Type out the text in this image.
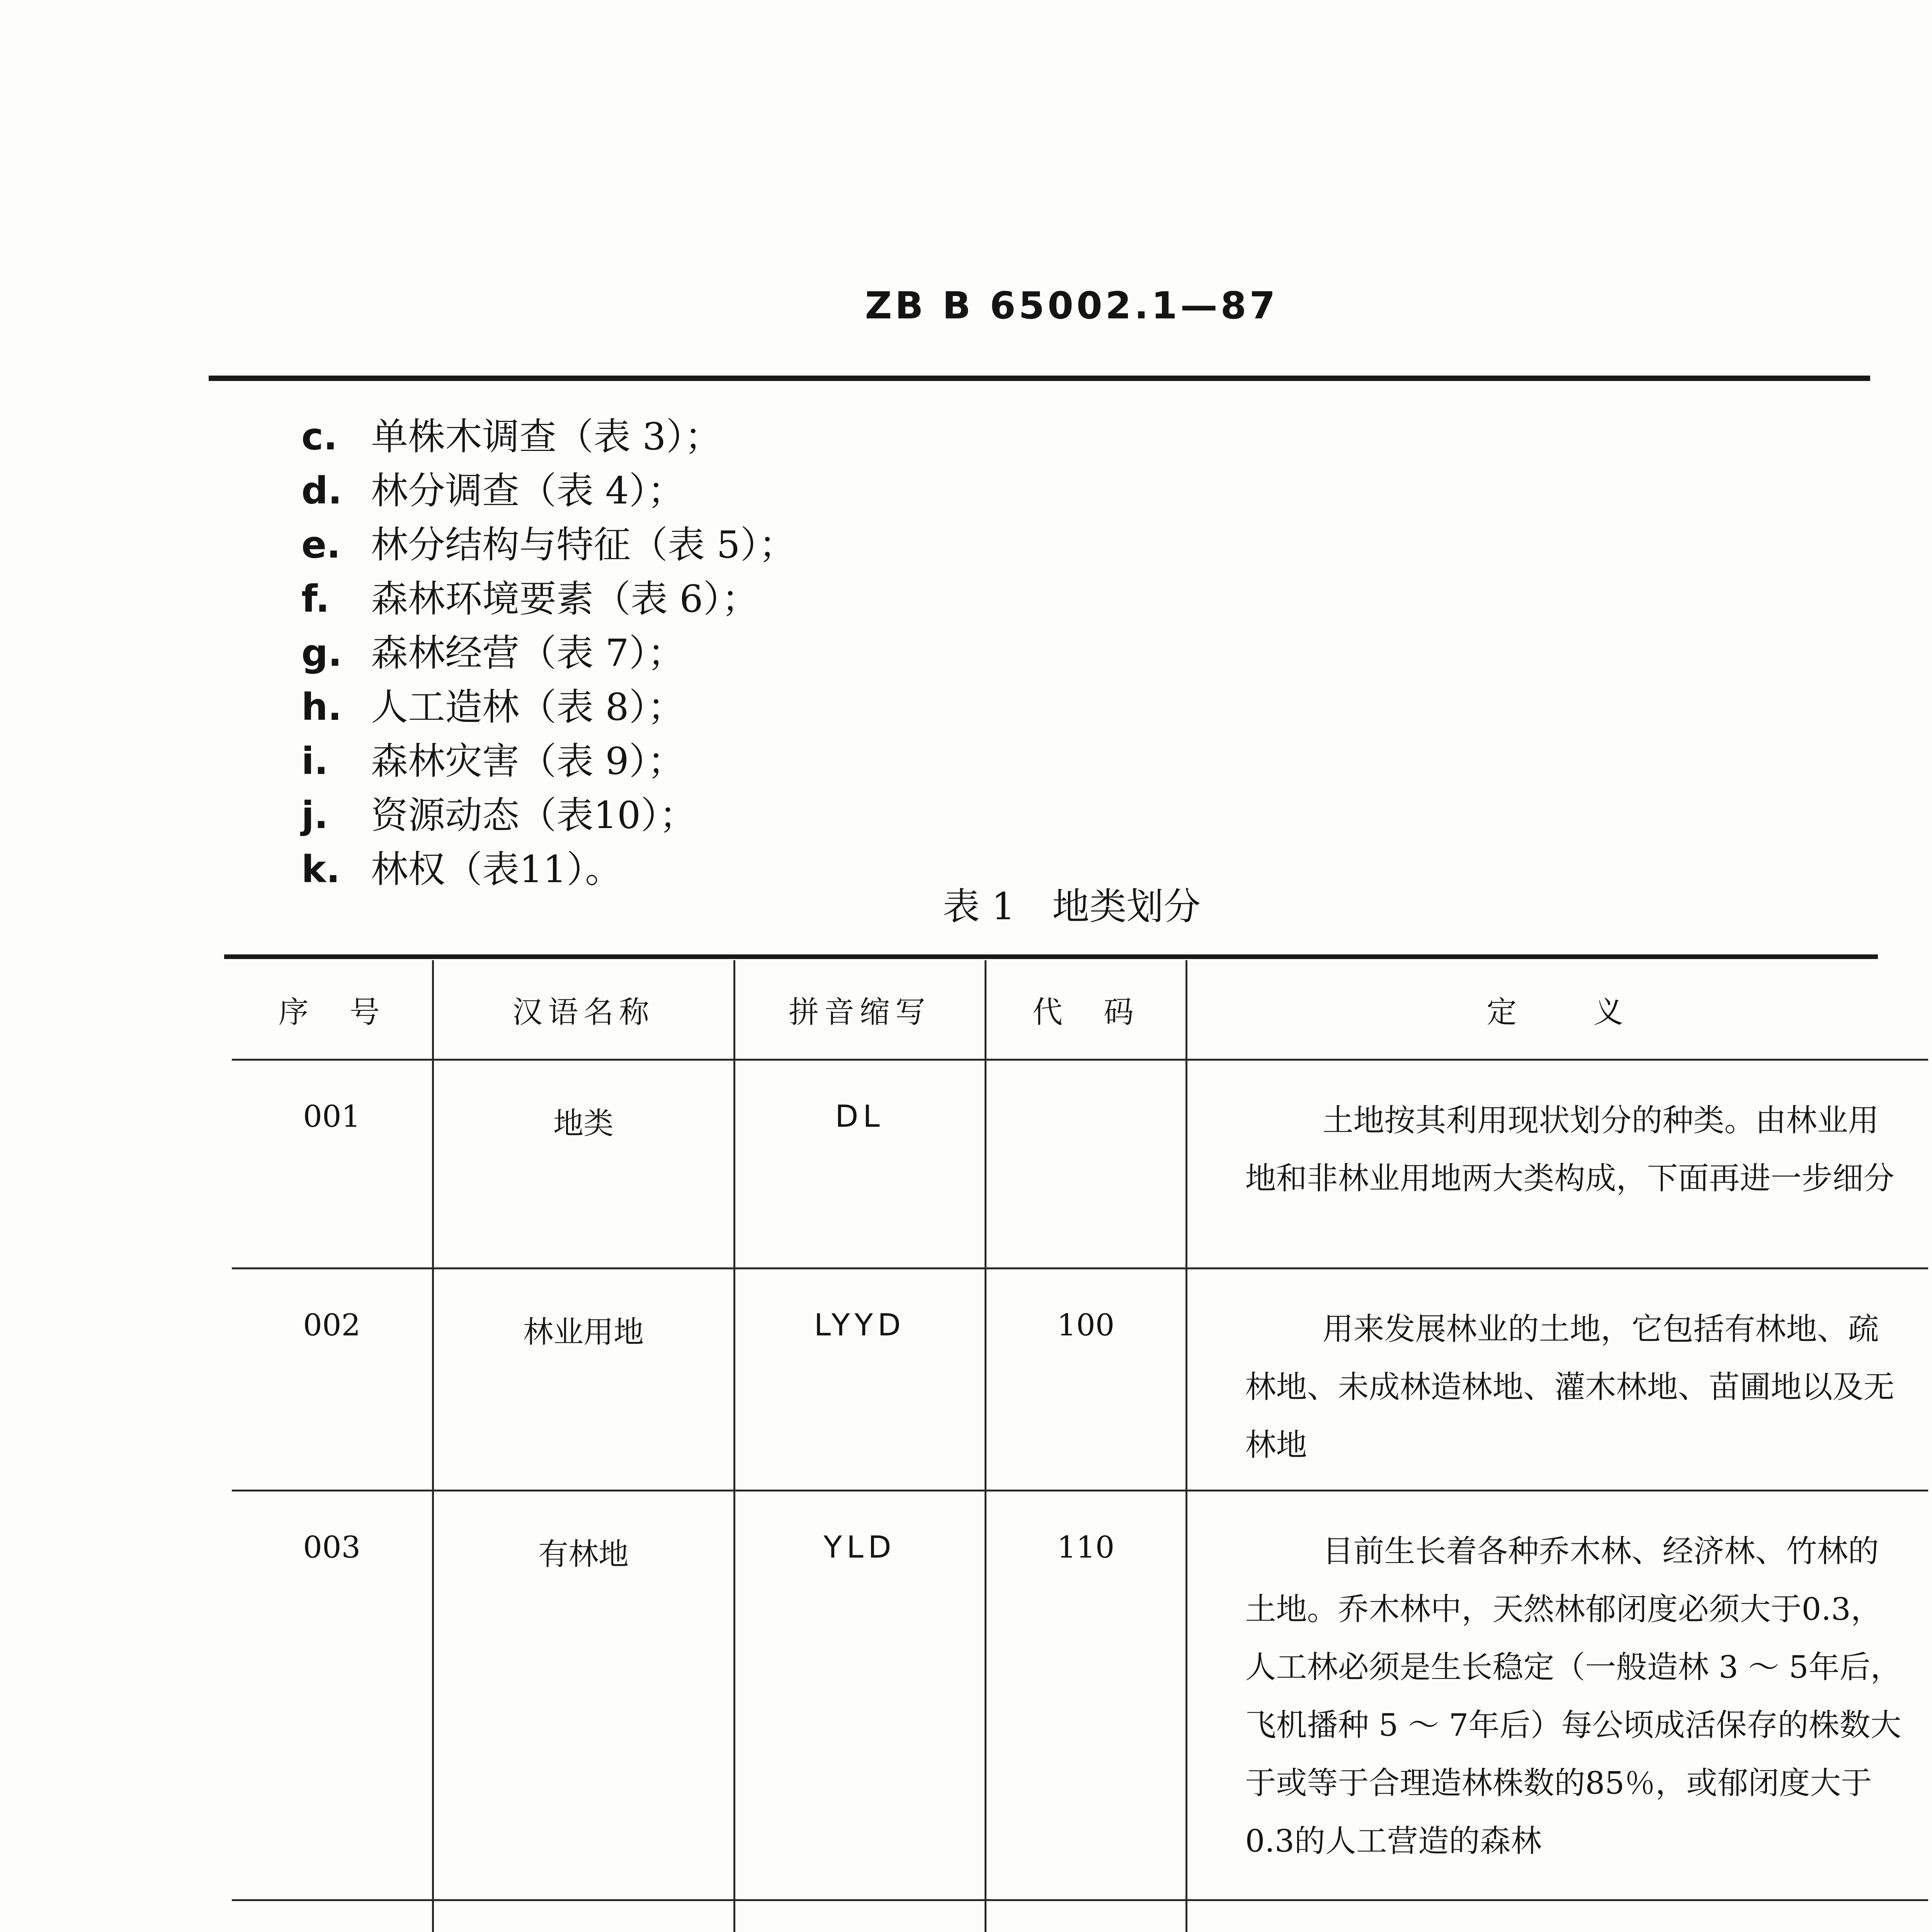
ZB B 65002.1—87
c. 单株木调查（表 3）；
d. 林分调查（表 4）；
e. 林分结构与特征（表 5）；
f. 森林环境要素（表 6）；
g. 森林经营（表 7）；
h. 人工造林（表 8）；
i. 森林灾害（表 9）；
j. 资源动态（表10）；
k. 林权（表11）。
表 1　地类划分
序　号	汉语名称	拼音缩写	代　码	定　　义
001	地类	DL		土地按其利用现状划分的种类。由林业用地和非林业用地两大类构成，下面再进一步细分

002	林业用地	LYYD	100	用来发展林业的土地，它包括有林地、疏林地、未成林造林地、灌木林地、苗圃地以及无林地

003	有林地	YLD	110	目前生长着各种乔木林、经济林、竹林的土地。乔木林中，天然林郁闭度必须大于0.3，人工林必须是生长稳定（一般造林 3 ～ 5年后，飞机播种 5 ～ 7年后）每公顷成活保存的株数大于或等于合理造林株数的85％，或郁闭度大于0.3的人工营造的森林
